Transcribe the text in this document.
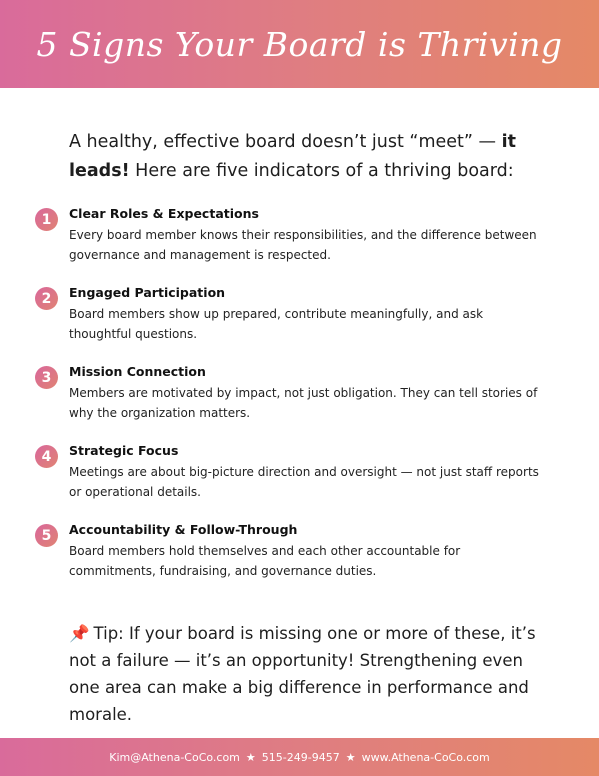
5 Signs Your Board is Thriving
A healthy, effective board doesn’t just “meet” — it leads! Here are five indicators of a thriving board:
1	Clear Roles & Expectations
Every board member knows their responsibilities, and the difference between governance and management is respected.
2	Engaged Participation
Board members show up prepared, contribute meaningfully, and ask thoughtful questions.
3	Mission Connection
Members are motivated by impact, not just obligation. They can tell stories of why the organization matters.
4	Strategic Focus
Meetings are about big-picture direction and oversight — not just staff reports or operational details.
5	Accountability & Follow-Through
Board members hold themselves and each other accountable for commitments, fundraising, and governance duties.
📌 Tip: If your board is missing one or more of these, it’s not a failure — it’s an opportunity! Strengthening even one area can make a big difference in performance and morale.
Kim@Athena-CoCo.com ★ 515-249-9457 ★ www.Athena-CoCo.com
